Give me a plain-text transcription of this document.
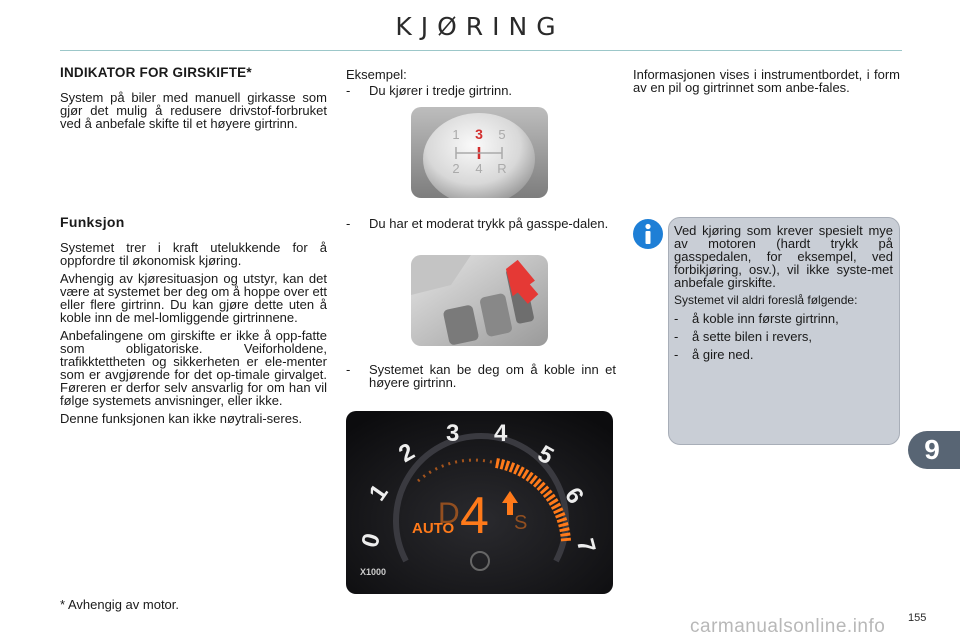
KJØRING
INDIKATOR FOR GIRSKIFTE*

System på biler med manuell girkasse som gjør det mulig å redusere drivstof-forbruket ved å anbefale skifte til et høyere girtrinn.

Funksjon

Systemet trer i kraft utelukkende for å oppfordre til økonomisk kjøring.

Avhengig av kjøresituasjon og utstyr, kan det være at systemet ber deg om å hoppe over ett eller flere girtrinn. Du kan gjøre dette uten å koble inn de mel-lomliggende girtrinnene.

Anbefalingene om girskifte er ikke å opp-fatte som obligatoriske. Veiforholdene, trafikktettheten og sikkerheten er ele-menter som er avgjørende for det op-timale girvalget. Føreren er derfor selv ansvarlig for om han vil følge systemets anvisninger, eller ikke.

Denne funksjonen kan ikke nøytrali-seres.

* Avhengig av motor.

Eksempel:

-	Du kjører i tredje girtrinn.
1 3 5
2 4 R
-	Du har et moderat trykk på gasspe-dalen.
-	Systemet kan be deg om å koble inn et høyere girtrinn.
0
1
2
3 4
5
6
7
D 4 S
AUTO
X1000
Informasjonen vises i instrumentbordet, i form av en pil og girtrinnet som anbe-fales.

Ved kjøring som krever spesielt mye av motoren (hardt trykk på gasspedalen, for eksempel, ved forbikjøring, osv.), vil ikke syste-met anbefale girskifte.

Systemet vil aldri foreslå følgende:

-	å koble inn første girtrinn,
-	å sette bilen i revers,
-	å gire ned.
9
carmanualsonline.info 155
